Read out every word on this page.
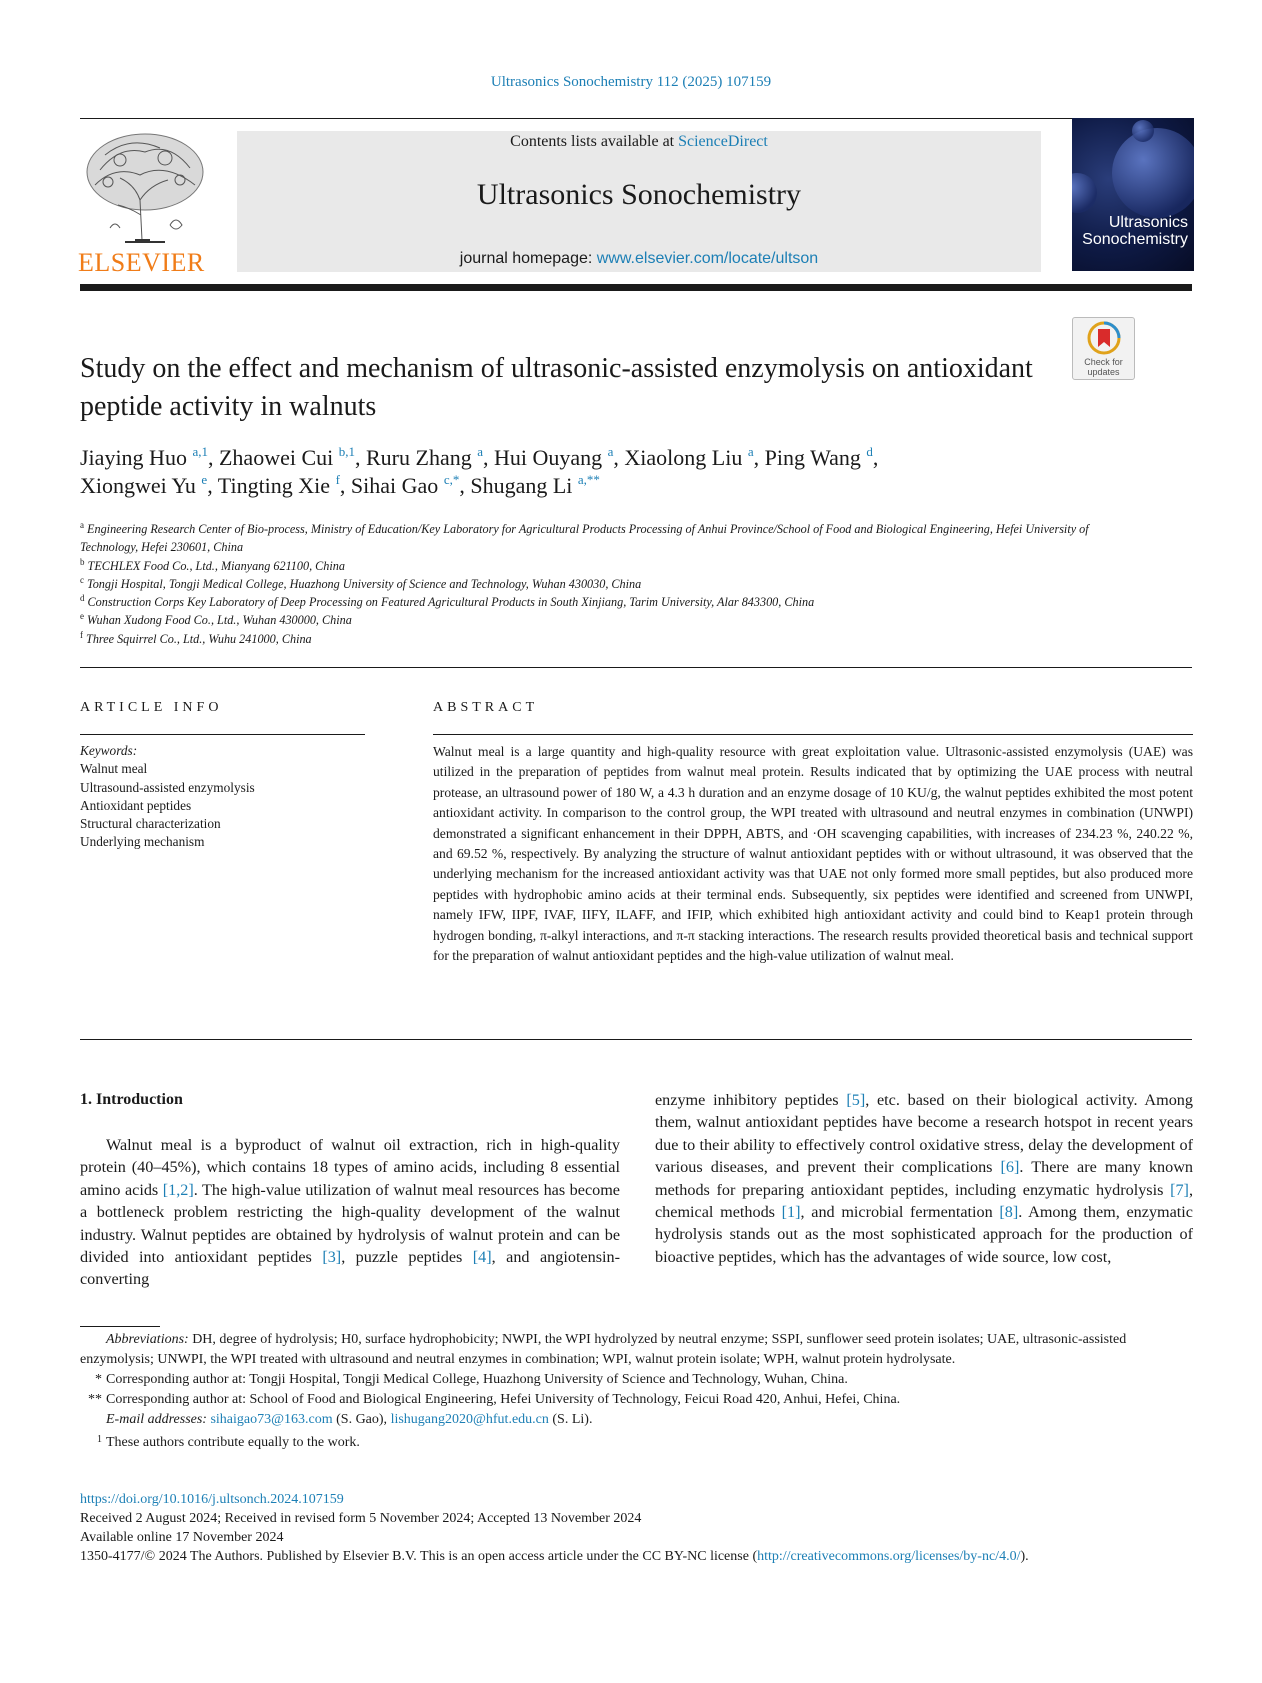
Ultrasonics Sonochemistry 112 (2025) 107159
ELSEVIER
Contents lists available at ScienceDirect
Ultrasonics Sonochemistry
journal homepage: www.elsevier.com/locate/ultson
Ultrasonics
Sonochemistry
Check for
updates
Study on the effect and mechanism of ultrasonic-assisted enzymolysis on antioxidant peptide activity in walnuts
Jiaying Huo $^{a,1}$, Zhaowei Cui $^{b,1}$, Ruru Zhang $^a$, Hui Ouyang $^a$, Xiaolong Liu $^a$, Ping Wang $^d$,
Xiongwei Yu $^e$, Tingting Xie $^f$, Sihai Gao $^{c,*}$, Shugang Li $^{a,**}$
$^a$ Engineering Research Center of Bio-process, Ministry of Education/Key Laboratory for Agricultural Products Processing of Anhui Province/School of Food and Biological Engineering, Hefei University of Technology, Hefei 230601, China
$^b$ TECHLEX Food Co., Ltd., Mianyang 621100, China
$^c$ Tongji Hospital, Tongji Medical College, Huazhong University of Science and Technology, Wuhan 430030, China
$^d$ Construction Corps Key Laboratory of Deep Processing on Featured Agricultural Products in South Xinjiang, Tarim University, Alar 843300, China
$^e$ Wuhan Xudong Food Co., Ltd., Wuhan 430000, China
$^f$ Three Squirrel Co., Ltd., Wuhu 241000, China
ARTICLE INFO
Keywords:
Walnut meal
Ultrasound-assisted enzymolysis
Antioxidant peptides
Structural characterization
Underlying mechanism
ABSTRACT
Walnut meal is a large quantity and high-quality resource with great exploitation value. Ultrasonic-assisted enzymolysis (UAE) was utilized in the preparation of peptides from walnut meal protein. Results indicated that by optimizing the UAE process with neutral protease, an ultrasound power of 180 W, a 4.3 h duration and an enzyme dosage of 10 KU/g, the walnut peptides exhibited the most potent antioxidant activity. In comparison to the control group, the WPI treated with ultrasound and neutral enzymes in combination (UNWPI) demonstrated a significant enhancement in their DPPH, ABTS, and ·OH scavenging capabilities, with increases of 234.23 %, 240.22 %, and 69.52 %, respectively. By analyzing the structure of walnut antioxidant peptides with or without ultrasound, it was observed that the underlying mechanism for the increased antioxidant activity was that UAE not only formed more small peptides, but also produced more peptides with hydrophobic amino acids at their terminal ends. Subsequently, six peptides were identified and screened from UNWPI, namely IFW, IIPF, IVAF, IIFY, ILAFF, and IFIP, which exhibited high antioxidant activity and could bind to Keap1 protein through hydrogen bonding, π-alkyl interactions, and π-π stacking interactions. The research results provided theoretical basis and technical support for the preparation of walnut antioxidant peptides and the high-value utilization of walnut meal.
1. Introduction
Walnut meal is a byproduct of walnut oil extraction, rich in high-quality protein (40–45%), which contains 18 types of amino acids, including 8 essential amino acids [1,2]. The high-value utilization of walnut meal resources has become a bottleneck problem restricting the high-quality development of the walnut industry. Walnut peptides are obtained by hydrolysis of walnut protein and can be divided into antioxidant peptides [3], puzzle peptides [4], and angiotensin-converting
enzyme inhibitory peptides [5], etc. based on their biological activity. Among them, walnut antioxidant peptides have become a research hotspot in recent years due to their ability to effectively control oxidative stress, delay the development of various diseases, and prevent their complications [6]. There are many known methods for preparing antioxidant peptides, including enzymatic hydrolysis [7], chemical methods [1], and microbial fermentation [8]. Among them, enzymatic hydrolysis stands out as the most sophisticated approach for the production of bioactive peptides, which has the advantages of wide source, low cost,
Abbreviations: DH, degree of hydrolysis; H0, surface hydrophobicity; NWPI, the WPI hydrolyzed by neutral enzyme; SSPI, sunflower seed protein isolates; UAE, ultrasonic-assisted enzymolysis; UNWPI, the WPI treated with ultrasound and neutral enzymes in combination; WPI, walnut protein isolate; WPH, walnut protein hydrolysate.
* Corresponding author at: Tongji Hospital, Tongji Medical College, Huazhong University of Science and Technology, Wuhan, China.
** Corresponding author at: School of Food and Biological Engineering, Hefei University of Technology, Feicui Road 420, Anhui, Hefei, China.
E-mail addresses: sihaigao73@163.com (S. Gao), lishugang2020@hfut.edu.cn (S. Li).
1 These authors contribute equally to the work.
https://doi.org/10.1016/j.ultsonch.2024.107159
Received 2 August 2024; Received in revised form 5 November 2024; Accepted 13 November 2024
Available online 17 November 2024
1350-4177/© 2024 The Authors. Published by Elsevier B.V. This is an open access article under the CC BY-NC license (http://creativecommons.org/licenses/by-nc/4.0/).
